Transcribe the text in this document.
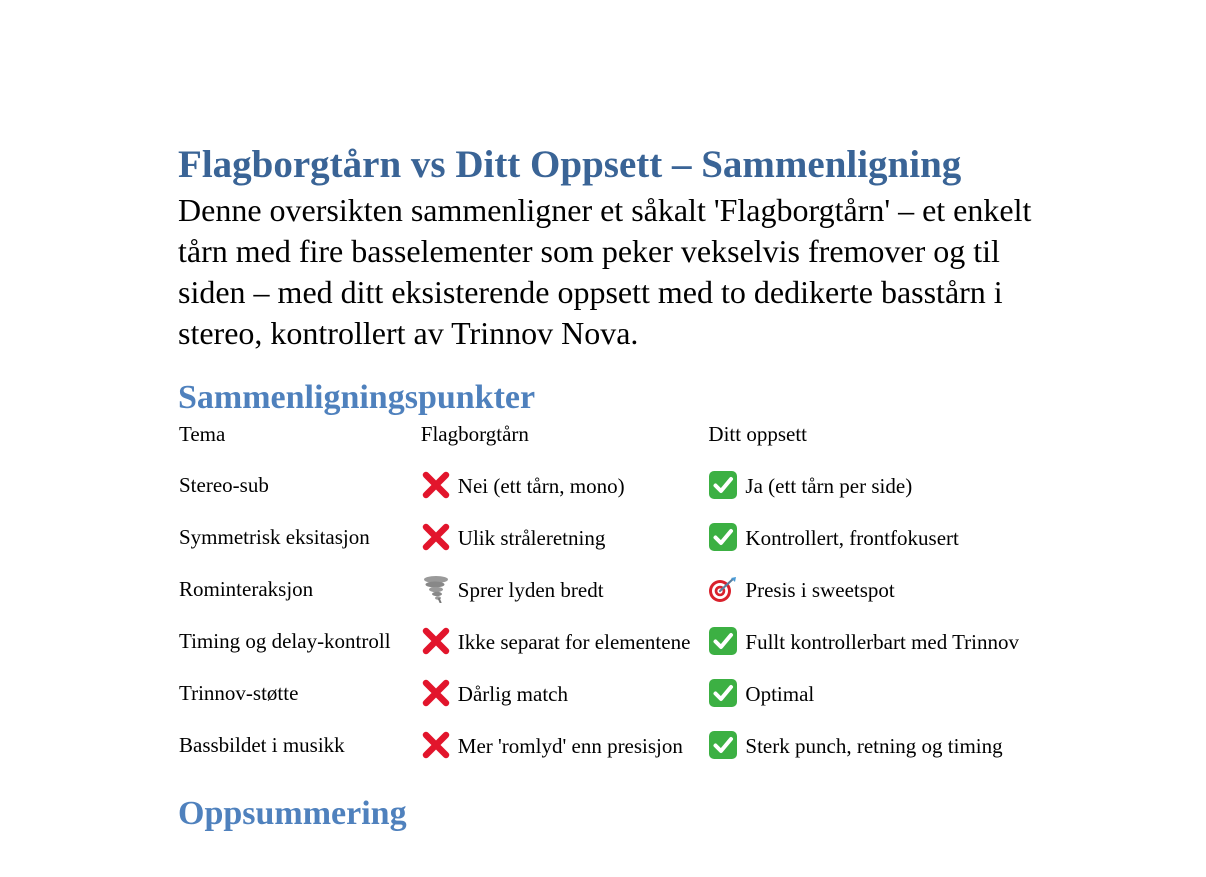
Flagborgtårn vs Ditt Oppsett – Sammenligning

Denne oversikten sammenligner et såkalt 'Flagborgtårn' – et enkelt tårn med fire basselementer som peker vekselvis fremover og til siden – med ditt eksisterende oppsett med to dedikerte basstårn i stereo, kontrollert av Trinnov Nova.

Sammenligningspunkter
Tema	Flagborgtårn	Ditt oppsett
Stereo-sub	Nei (ett tårn, mono)	Ja (ett tårn per side)
Symmetrisk eksitasjon	Ulik stråleretning	Kontrollert, frontfokusert
Rominteraksjon	Sprer lyden bredt	Presis i sweetspot
Timing og delay-kontroll	Ikke separat for elementene	Fullt kontrollerbart med Trinnov
Trinnov-støtte	Dårlig match	Optimal
Bassbildet i musikk	Mer 'romlyd' enn presisjon	Sterk punch, retning og timing
Oppsummering
